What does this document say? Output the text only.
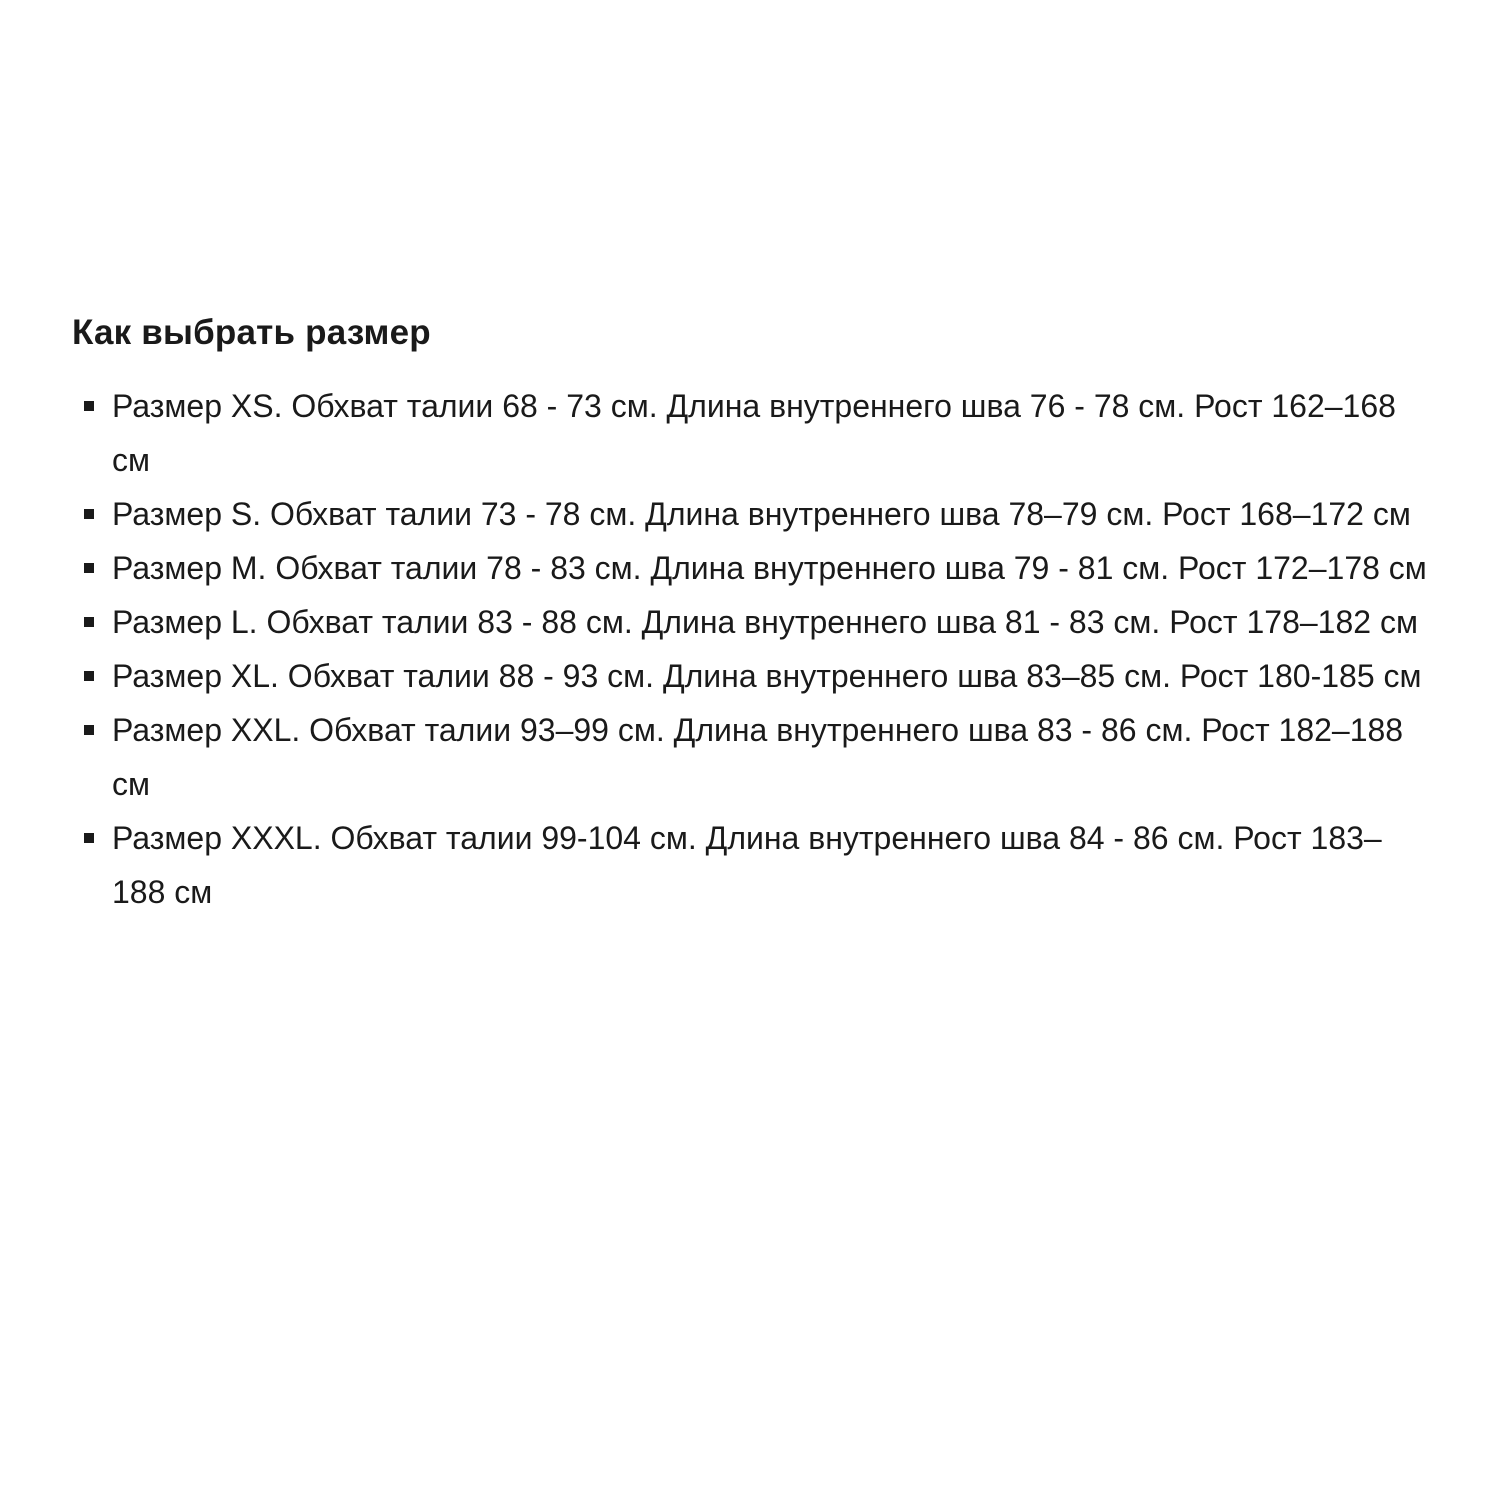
Как выбрать размер
Размер XS. Обхват талии 68 - 73 см. Длина внутреннего шва 76 - 78 см. Рост 162–168 см
Размер S. Обхват талии 73 - 78 см. Длина внутреннего шва 78–79 см. Рост 168–172 см
Размер M. Обхват талии 78 - 83 см. Длина внутреннего шва 79 - 81 см. Рост 172–178 см
Размер L. Обхват талии 83 - 88 см. Длина внутреннего шва 81 - 83 см. Рост 178–182 см
Размер XL. Обхват талии 88 - 93 см. Длина внутреннего шва 83–85 см. Рост 180-185 см
Размер XXL. Обхват талии 93–99 см. Длина внутреннего шва 83 - 86 см. Рост 182–188 см
Размер XXXL. Обхват талии 99-104 см. Длина внутреннего шва 84 - 86 см. Рост 183–188 см
